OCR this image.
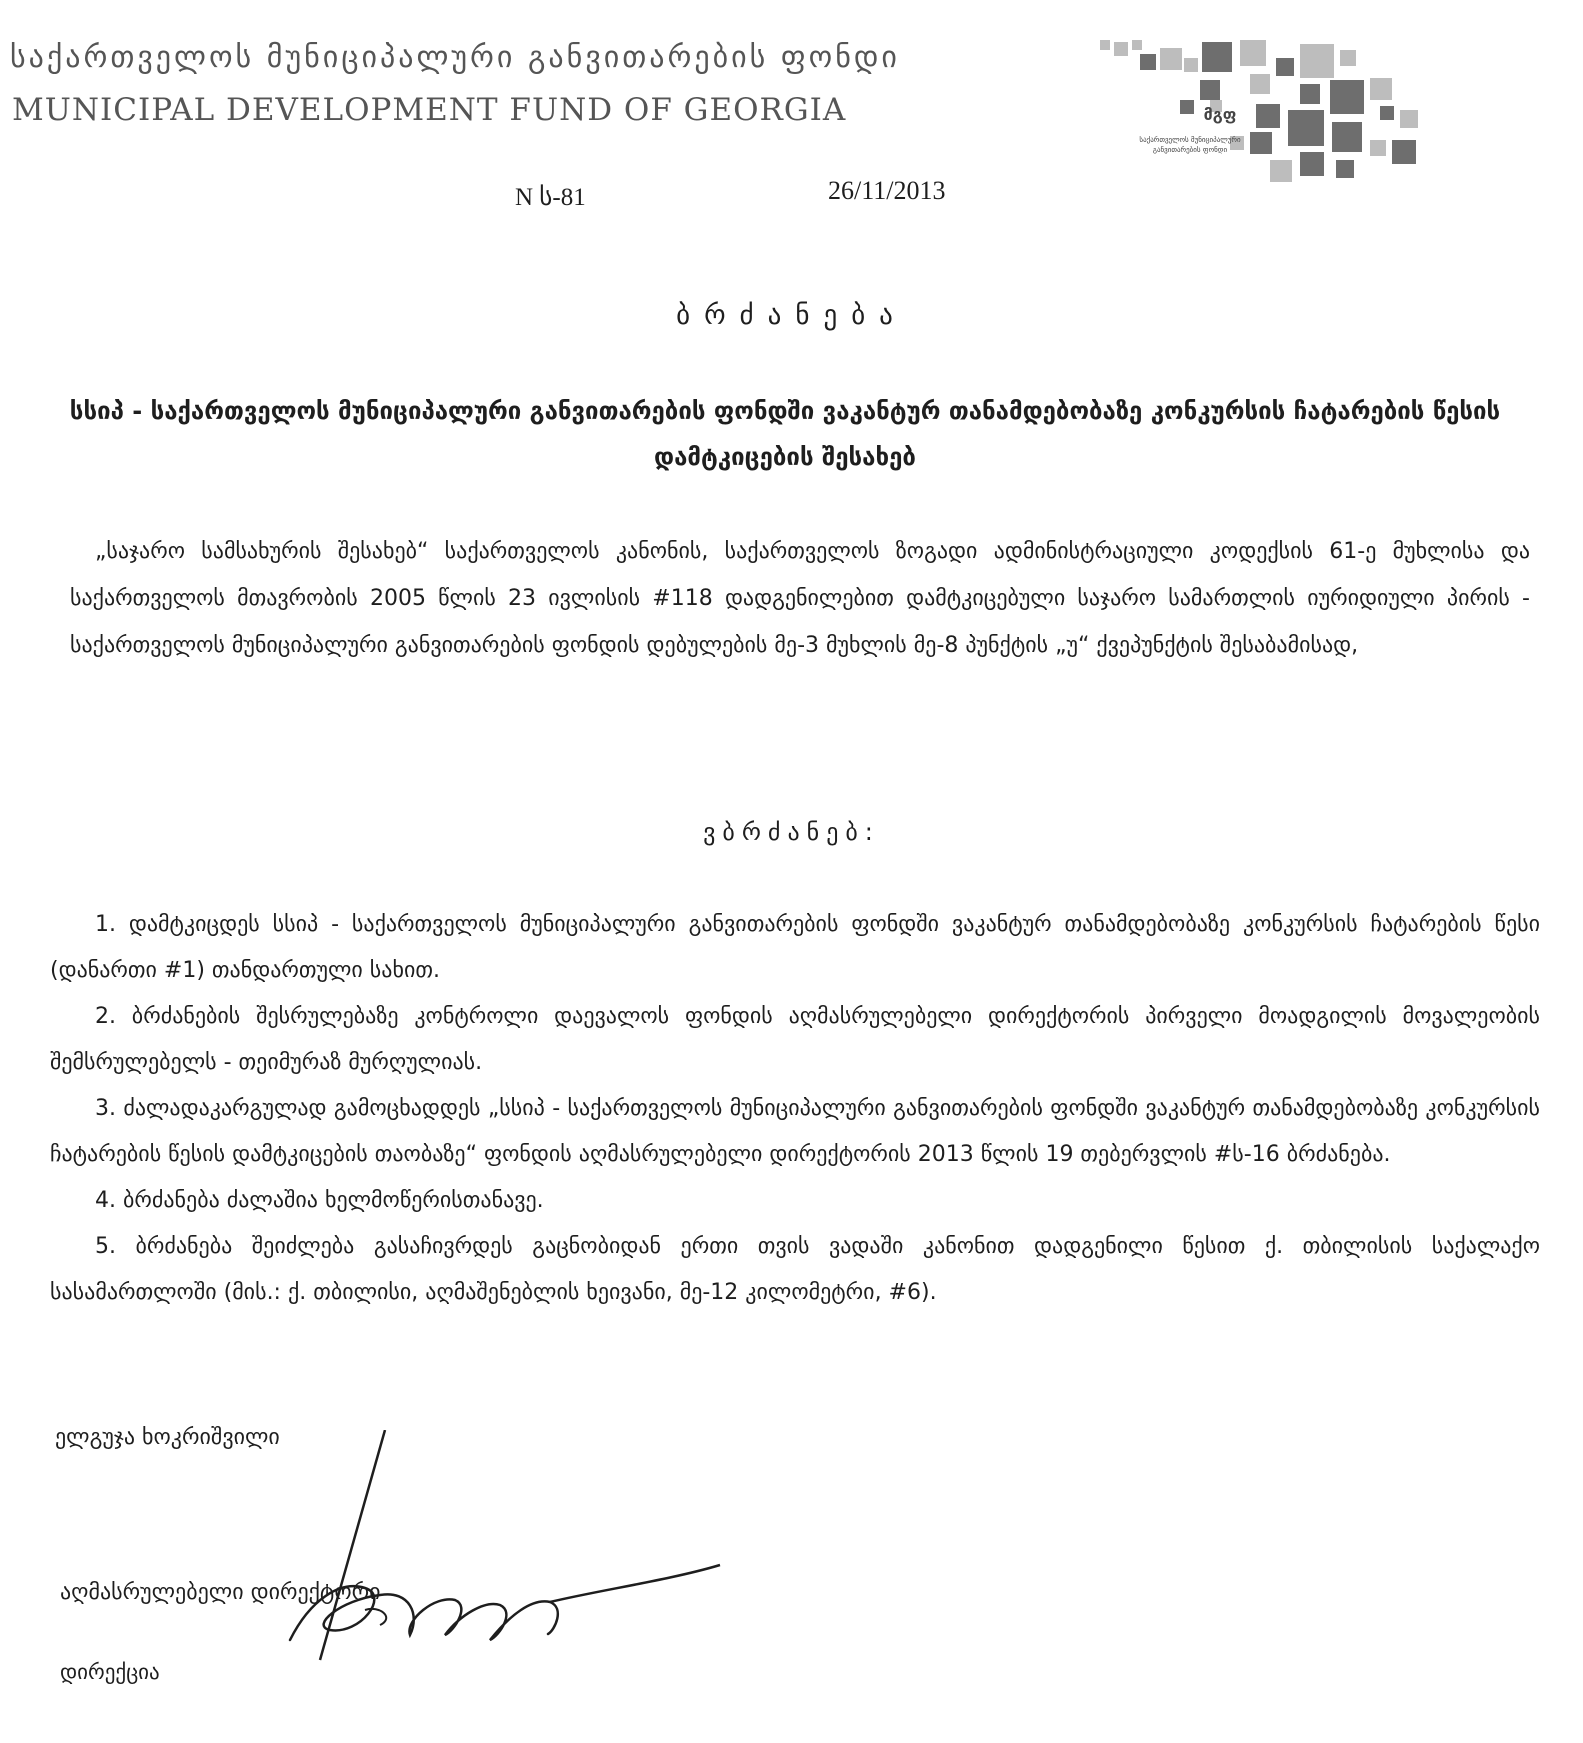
საქართველოს მუნიციპალური განვითარების ფონდი
MUNICIPAL DEVELOPMENT FUND OF GEORGIA	მგფ
საქართველოს მუნიციპალური
განვითარების ფონდი
N ს-81	26/11/2013
ბრძანება
სსიპ - საქართველოს მუნიციპალური განვითარების ფონდში ვაკანტურ თანამდებობაზე კონკურსის ჩატარების წესის დამტკიცების შესახებ
„საჯარო სამსახურის შესახებ“ საქართველოს კანონის, საქართველოს ზოგადი ადმინისტრაციული კოდექსის 61-ე მუხლისა და საქართველოს მთავრობის 2005 წლის 23 ივლისის #118 დადგენილებით დამტკიცებული საჯარო სამართლის იურიდიული პირის - საქართველოს მუნიციპალური განვითარების ფონდის დებულების მე-3 მუხლის მე-8 პუნქტის „უ“ ქვეპუნქტის შესაბამისად,
ვბრძანებ:

1. დამტკიცდეს სსიპ - საქართველოს მუნიციპალური განვითარების ფონდში ვაკანტურ თანამდებობაზე კონკურსის ჩატარების წესი (დანართი #1) თანდართული სახით.

2. ბრძანების შესრულებაზე კონტროლი დაევალოს ფონდის აღმასრულებელი დირექტორის პირველი მოადგილის მოვალეობის შემსრულებელს - თეიმურაზ მურღულიას.

3. ძალადაკარგულად გამოცხადდეს „სსიპ - საქართველოს მუნიციპალური განვითარების ფონდში ვაკანტურ თანამდებობაზე კონკურსის ჩატარების წესის დამტკიცების თაობაზე“ ფონდის აღმასრულებელი დირექტორის 2013 წლის 19 თებერვლის #ს-16 ბრძანება.

4. ბრძანება ძალაშია ხელმოწერისთანავე.

5. ბრძანება შეიძლება გასაჩივრდეს გაცნობიდან ერთი თვის ვადაში კანონით დადგენილი წესით ქ. თბილისის საქალაქო სასამართლოში (მის.: ქ. თბილისი, აღმაშენებლის ხეივანი, მე-12 კილომეტრი, #6).

ელგუჯა ხოკრიშვილი
აღმასრულებელი დირექტორი
დირექცია
